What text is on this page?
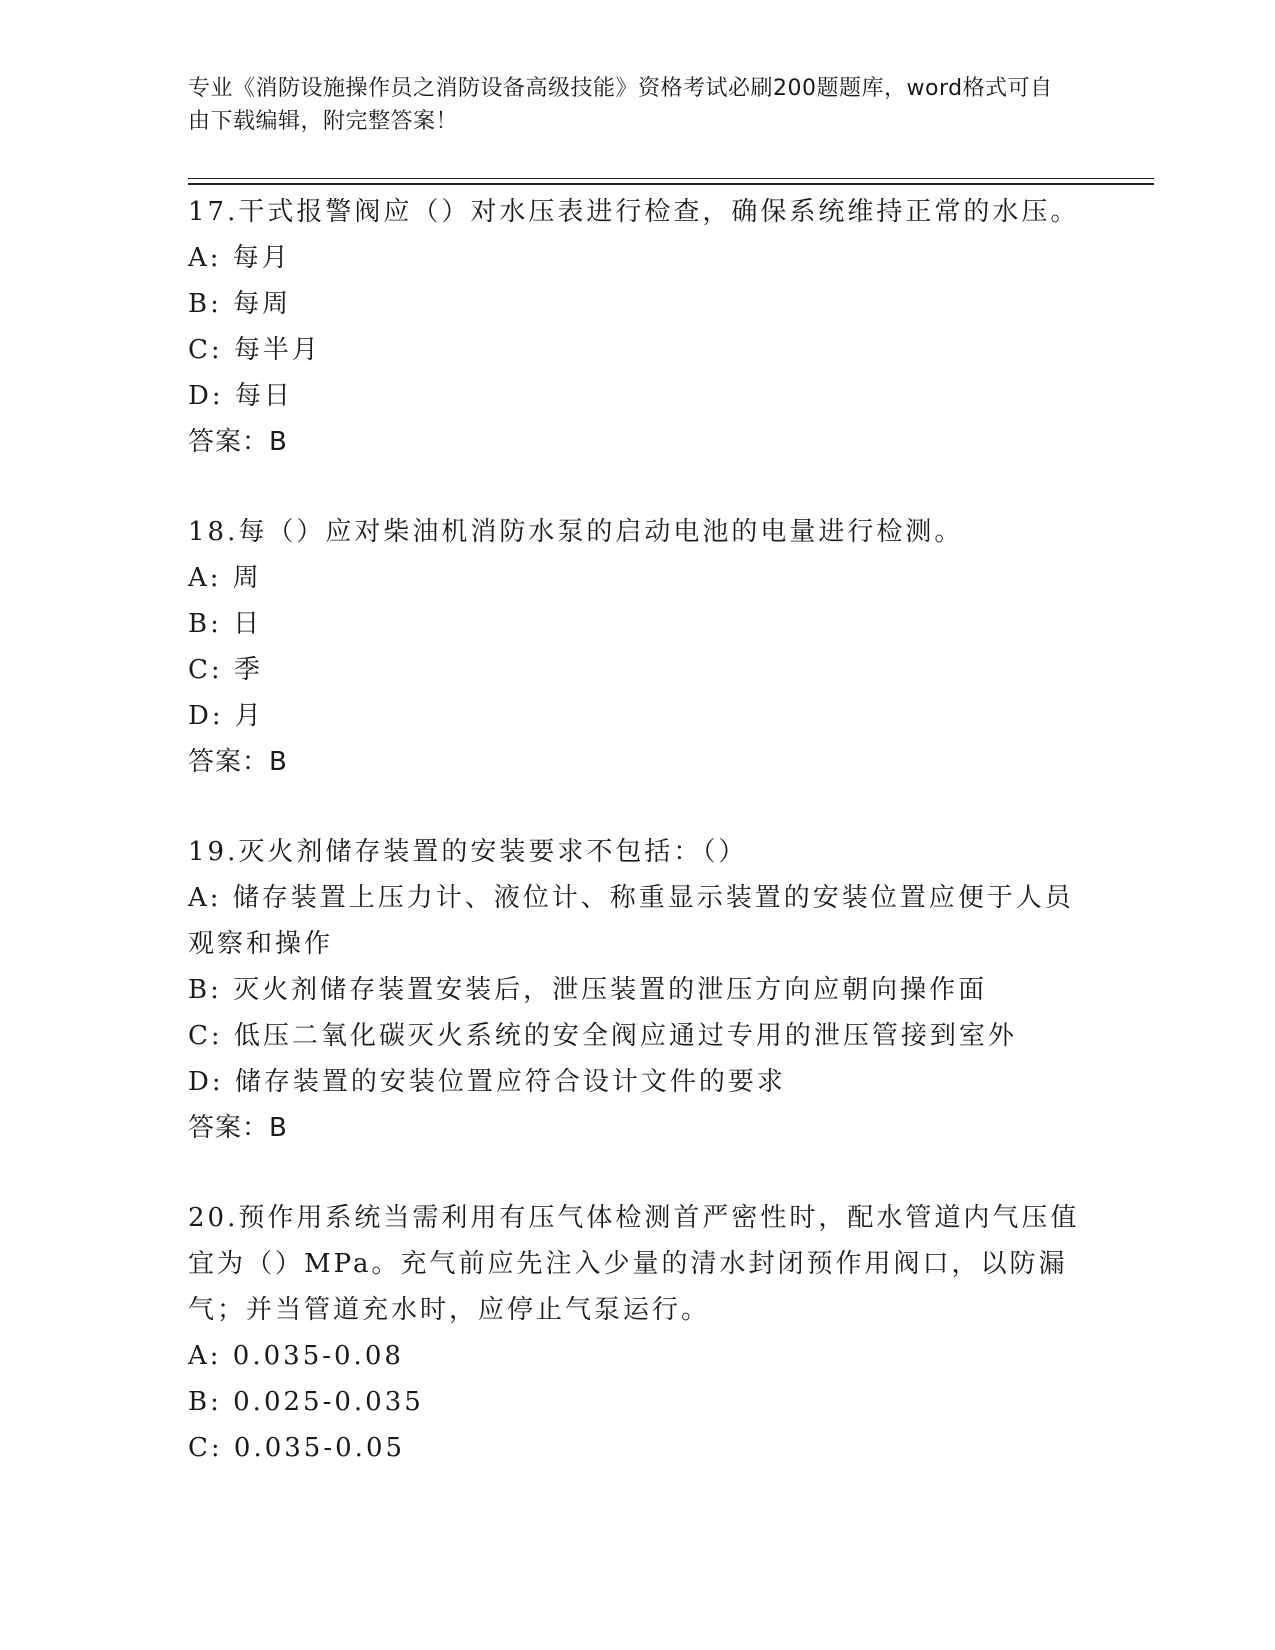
专业《消防设施操作员之消防设备高级技能》资格考试必刷200题题库，word格式可自由下载编辑，附完整答案！

17.干式报警阀应（）对水压表进行检查，确保系统维持正常的水压。

A: 每月

B: 每周

C: 每半月

D: 每日

答案：B

18.每（）应对柴油机消防水泵的启动电池的电量进行检测。

A: 周

B: 日

C: 季

D: 月

答案：B

19.灭火剂储存装置的安装要求不包括：（）

A: 储存装置上压力计、液位计、称重显示装置的安装位置应便于人员观察和操作

B: 灭火剂储存装置安装后，泄压装置的泄压方向应朝向操作面

C: 低压二氧化碳灭火系统的安全阀应通过专用的泄压管接到室外

D: 储存装置的安装位置应符合设计文件的要求

答案：B

20.预作用系统当需利用有压气体检测首严密性时，配水管道内气压值宜为（）MPa。充气前应先注入少量的清水封闭预作用阀口，以防漏气；并当管道充水时，应停止气泵运行。

A: 0.035-0.08

B: 0.025-0.035

C: 0.035-0.05
